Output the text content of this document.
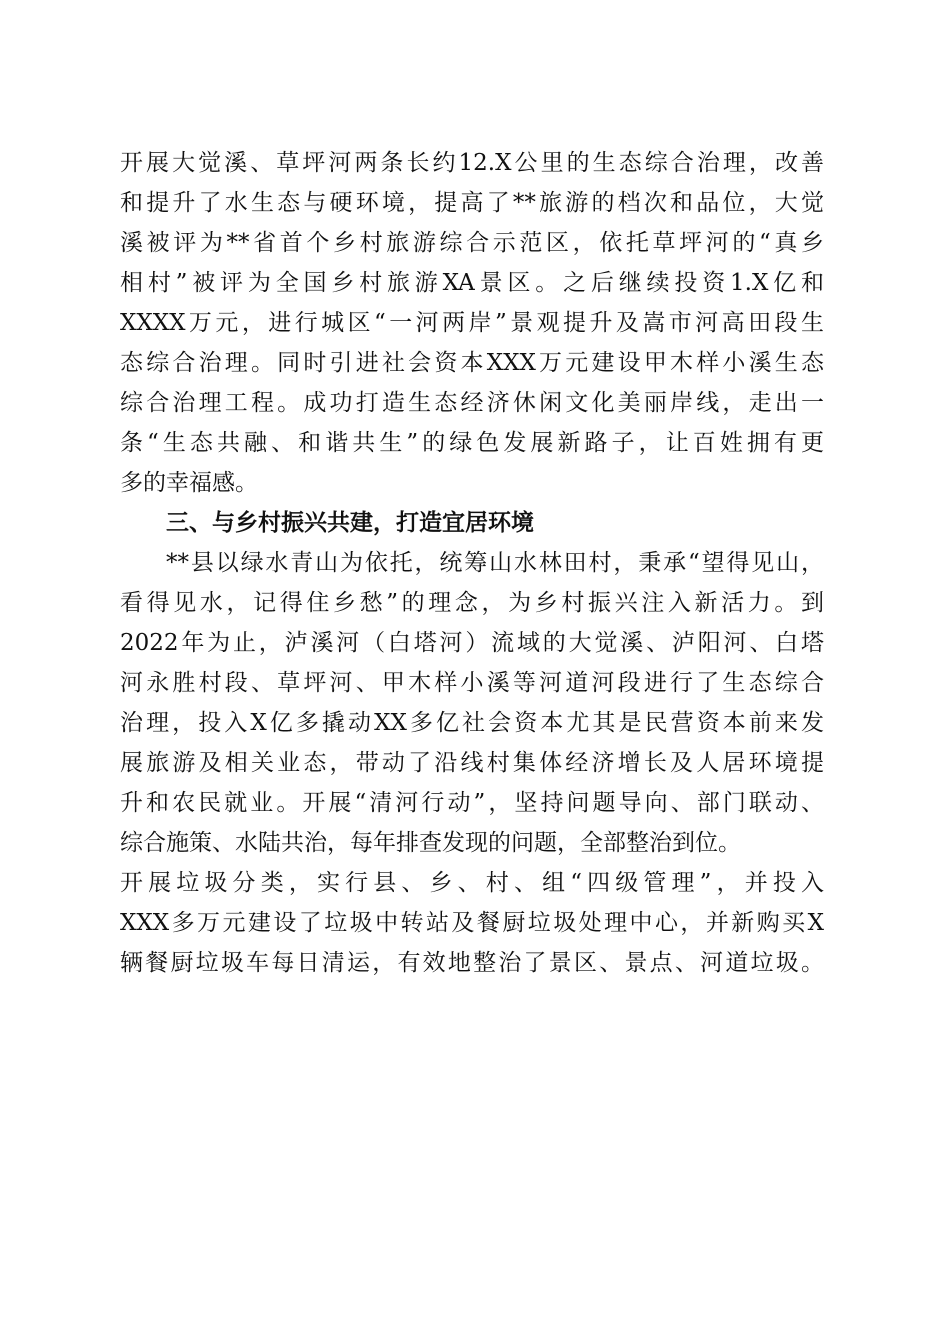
开展大觉溪、草坪河两条长约12.X公里的生态综合治理，改善
和提升了水生态与硬环境，提高了**旅游的档次和品位，大觉
溪被评为**省首个乡村旅游综合示范区，依托草坪河的“真乡
相村”被评为全国乡村旅游XA景区。之后继续投资1.X亿和
XXXX万元，进行城区“一河两岸”景观提升及嵩市河高田段生
态综合治理。同时引进社会资本XXX万元建设甲木样小溪生态
综合治理工程。成功打造生态经济休闲文化美丽岸线，走出一
条“生态共融、和谐共生”的绿色发展新路子，让百姓拥有更
多的幸福感。
三、与乡村振兴共建，打造宜居环境
**县以绿水青山为依托，统筹山水林田村，秉承“望得见山，
看得见水，记得住乡愁”的理念，为乡村振兴注入新活力。到
2022年为止，泸溪河（白塔河）流域的大觉溪、泸阳河、白塔
河永胜村段、草坪河、甲木样小溪等河道河段进行了生态综合
治理，投入X亿多撬动XX多亿社会资本尤其是民营资本前来发
展旅游及相关业态，带动了沿线村集体经济增长及人居环境提
升和农民就业。开展“清河行动”，坚持问题导向、部门联动、
综合施策、水陆共治，每年排查发现的问题，全部整治到位。
开展垃圾分类，实行县、乡、村、组“四级管理”，并投入
XXX多万元建设了垃圾中转站及餐厨垃圾处理中心，并新购买X
辆餐厨垃圾车每日清运，有效地整治了景区、景点、河道垃圾。
